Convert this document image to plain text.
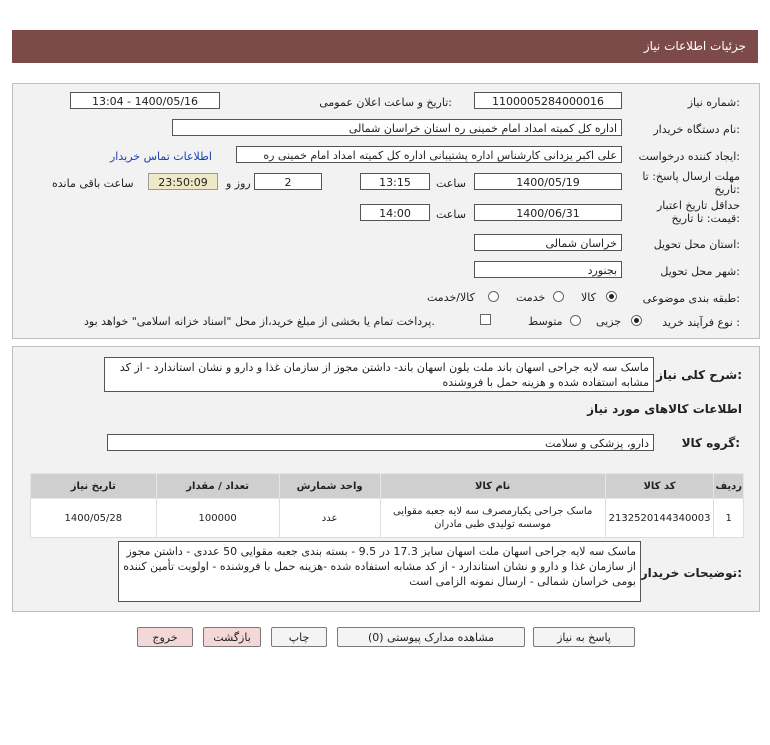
جزئیات اطلاعات نیاز
شماره نیاز:
1100005284000016
تاریخ و ساعت اعلان عمومی:
1400/05/16 - 13:04
نام دستگاه خریدار:
اداره کل کمیته امداد امام خمینی ره استان خراسان شمالی
ایجاد کننده درخواست:
علی اکبر یزدانی کارشناس اداره پشتیبانی اداره کل کمیته امداد امام خمینی ره
اطلاعات تماس خریدار
مهلت ارسال پاسخ: تا تاریخ:
1400/05/19
ساعت
13:15
2
روز و
23:50:09
ساعت باقی مانده
حداقل تاریخ اعتبار قیمت: تا تاریخ:
1400/06/31
ساعت
14:00
استان محل تحویل:
خراسان شمالی
شهر محل تحویل:
بجنورد
طبقه بندی موضوعی:
کالا
خدمت
کالا/خدمت
نوع فرآیند خرید :
جزیی
متوسط
پرداخت تمام یا بخشی از مبلغ خرید،از محل "اسناد خزانه اسلامی" خواهد بود.
شرح کلی نیاز:
ماسک سه لایه جراحی اسهان باند ملت یلون اسهان باند- داشتن مجوز از سازمان غذا و دارو و نشان استاندارد - از کد مشابه استفاده شده و هزینه حمل با فروشنده
اطلاعات کالاهای مورد نیاز
گروه کالا:
دارو، پزشکی و سلامت
ردیف	کد کالا	نام کالا	واحد شمارش	تعداد / مقدار	تاریخ نیاز
1	2132520144340003	ماسک جراحی یکبارمصرف سه لایه جعبه مقوایی موسسه تولیدی طبی مادران	عدد	100000	1400/05/28
توضیحات خریدار:
ماسک سه لایه جراحی اسهان ملت اسهان سایز 17.3 در 9.5 - بسته بندی جعبه مقوایی 50 عددی - داشتن مجوز از سازمان غذا و دارو و نشان استاندارد - از کد مشابه استفاده شده -هزینه حمل با فروشنده - اولویت تأمین کننده بومی خراسان شمالی - ارسال نمونه الزامی است
پاسخ به نیاز
مشاهده مدارک پیوستی (0)
چاپ
بازگشت
خروج
